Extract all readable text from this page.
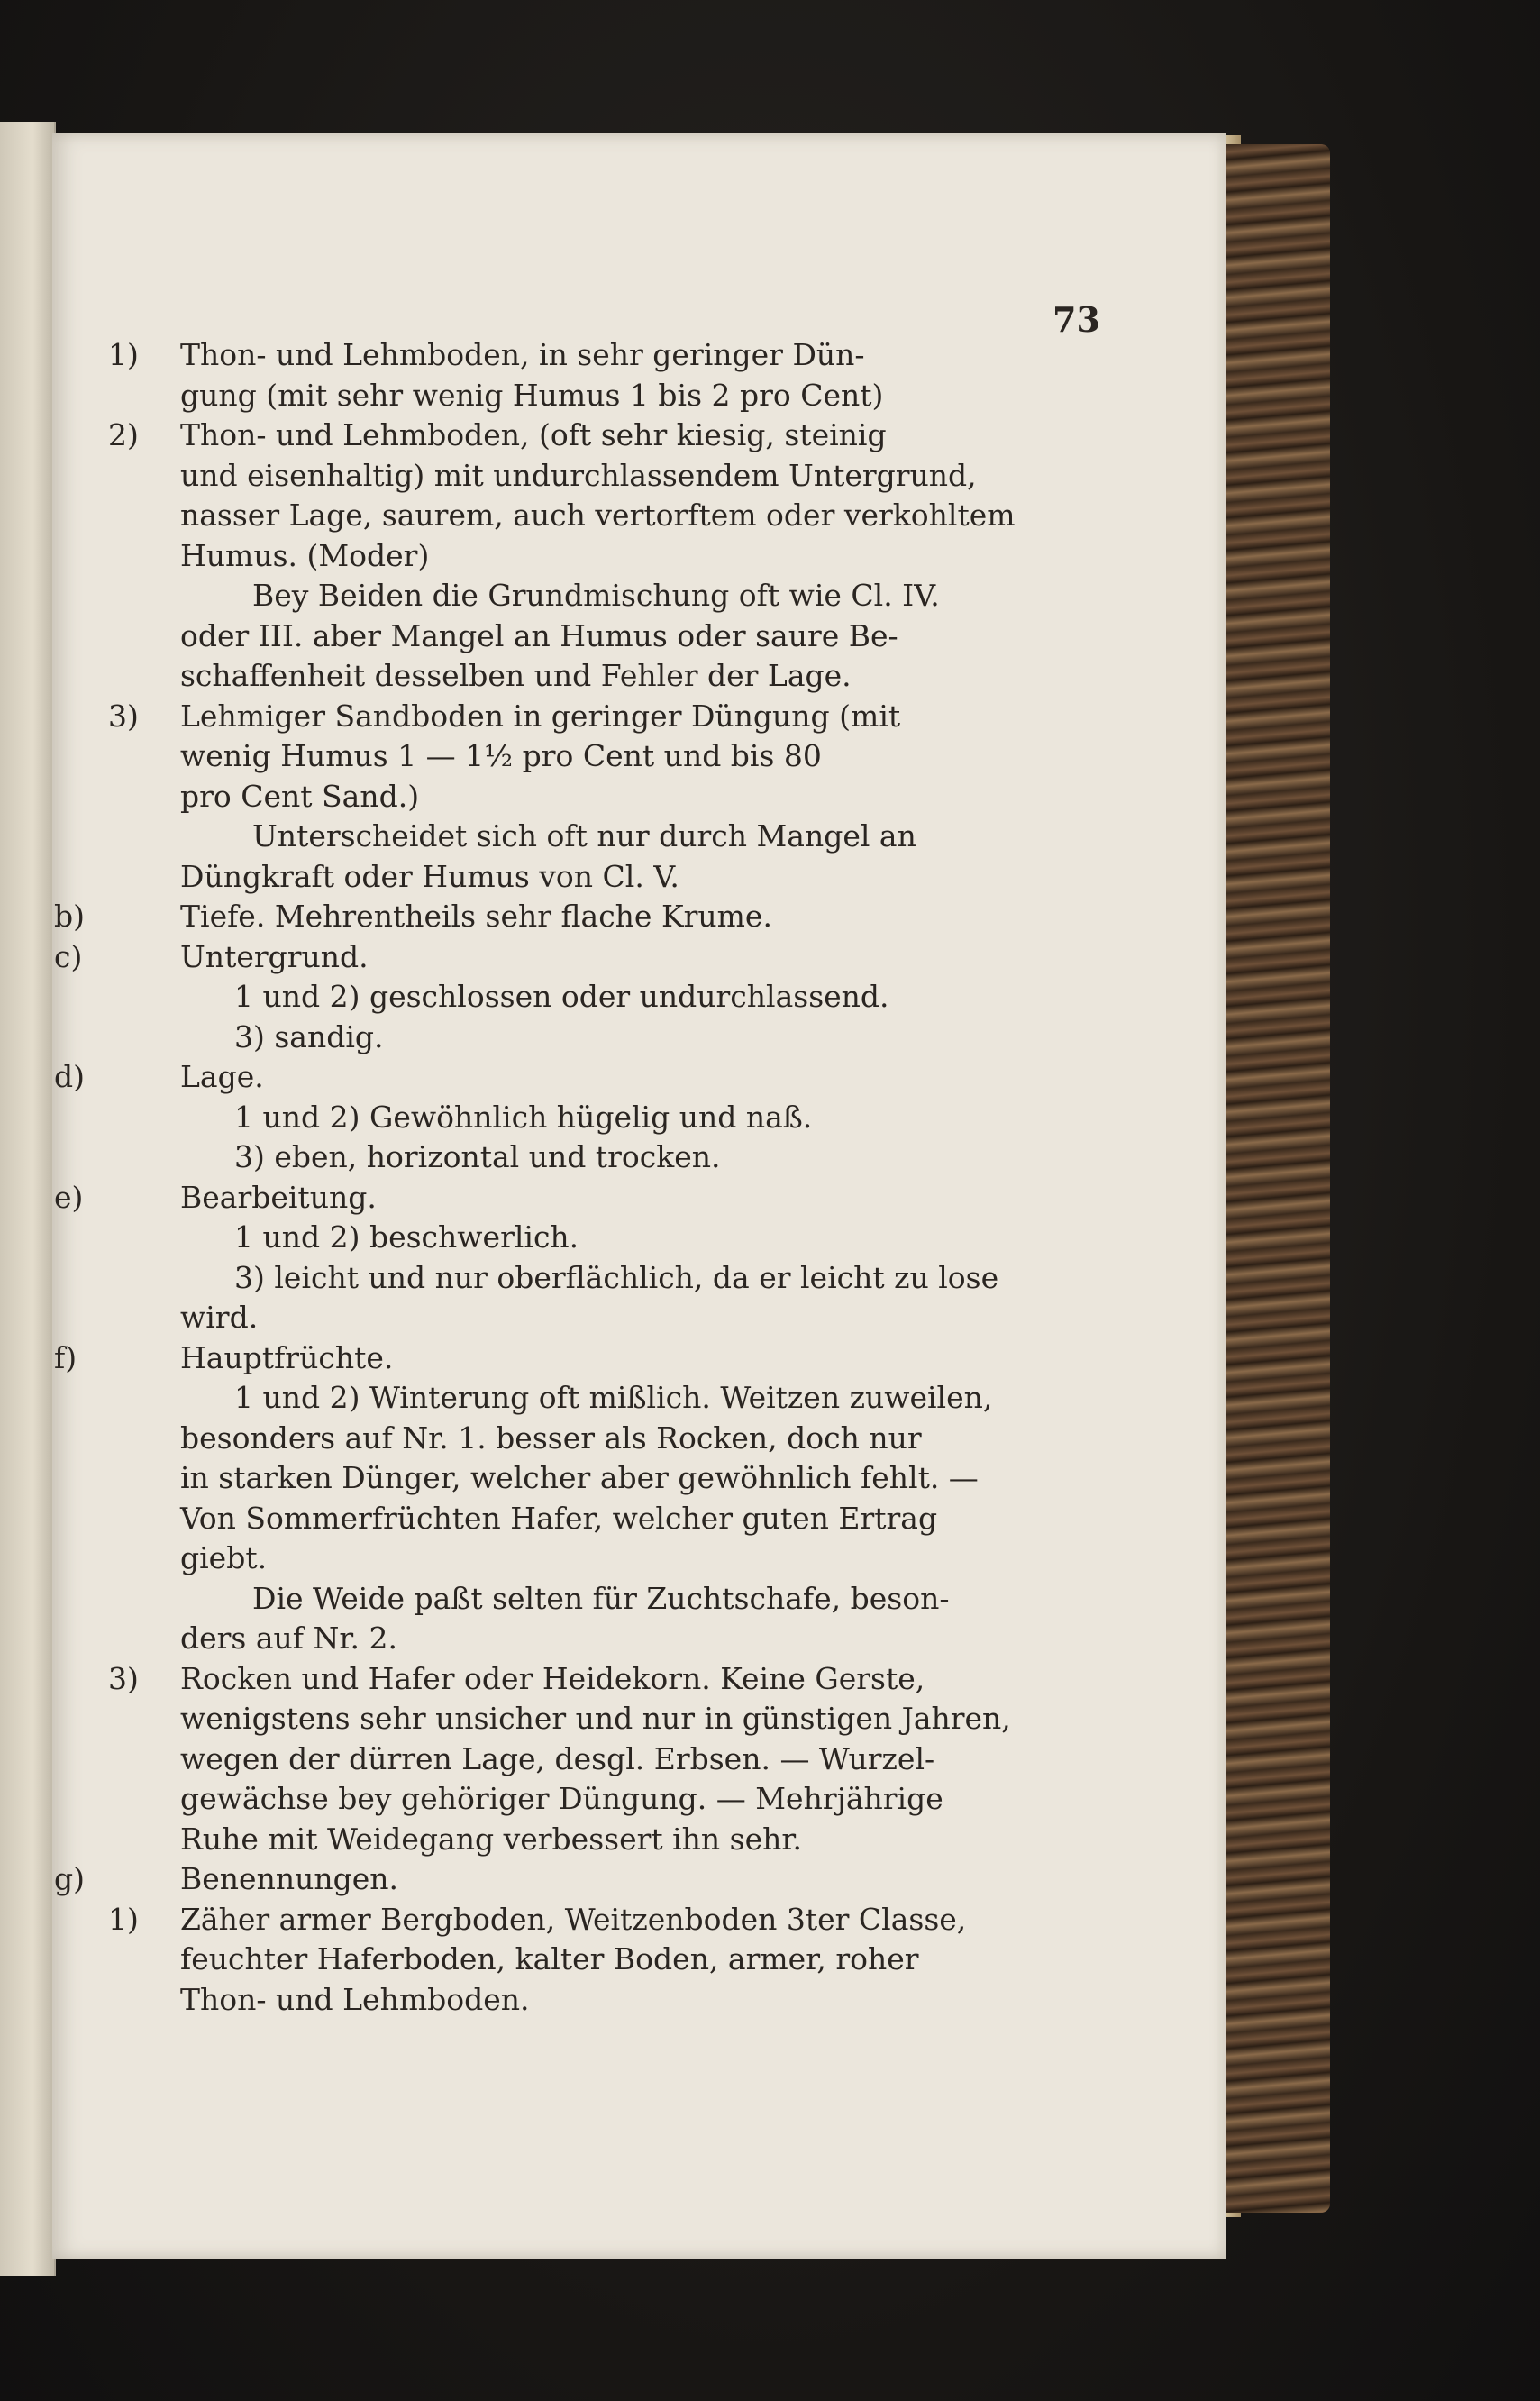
73
1) Thon- und Lehmboden, in sehr geringer Dün-
gung (mit sehr wenig Humus 1 bis 2 pro Cent)
2) Thon- und Lehmboden, (oft sehr kiesig, steinig
und eisenhaltig) mit undurchlassendem Untergrund,
nasser Lage, saurem, auch vertorftem oder verkohltem
Humus. (Moder)
Bey Beiden die Grundmischung oft wie Cl. IV.
oder III. aber Mangel an Humus oder saure Be-
schaffenheit desselben und Fehler der Lage.
3) Lehmiger Sandboden in geringer Düngung (mit
wenig Humus 1 — 1½ pro Cent und bis 80
pro Cent Sand.)
Unterscheidet sich oft nur durch Mangel an
Düngkraft oder Humus von Cl. V.
b)	Tiefe. Mehrentheils sehr flache Krume.
c)	Untergrund.
1 und 2) geschlossen oder undurchlassend.
3) sandig.
d)	Lage.
1 und 2) Gewöhnlich hügelig und naß.
3) eben, horizontal und trocken.
e)	Bearbeitung.
1 und 2) beschwerlich.
3) leicht und nur oberflächlich, da er leicht zu lose
wird.
f)	Hauptfrüchte.
1 und 2) Winterung oft mißlich. Weitzen zuweilen,
besonders auf Nr. 1. besser als Rocken, doch nur
in starken Dünger, welcher aber gewöhnlich fehlt. —
Von Sommerfrüchten Hafer, welcher guten Ertrag
giebt.
Die Weide paßt selten für Zuchtschafe, beson-
ders auf Nr. 2.
3) Rocken und Hafer oder Heidekorn. Keine Gerste,
wenigstens sehr unsicher und nur in günstigen Jahren,
wegen der dürren Lage, desgl. Erbsen. — Wurzel-
gewächse bey gehöriger Düngung. — Mehrjährige
Ruhe mit Weidegang verbessert ihn sehr.
g)	Benennungen.
1) Zäher armer Bergboden, Weitzenboden 3ter Classe,
feuchter Haferboden, kalter Boden, armer, roher
Thon- und Lehmboden.
